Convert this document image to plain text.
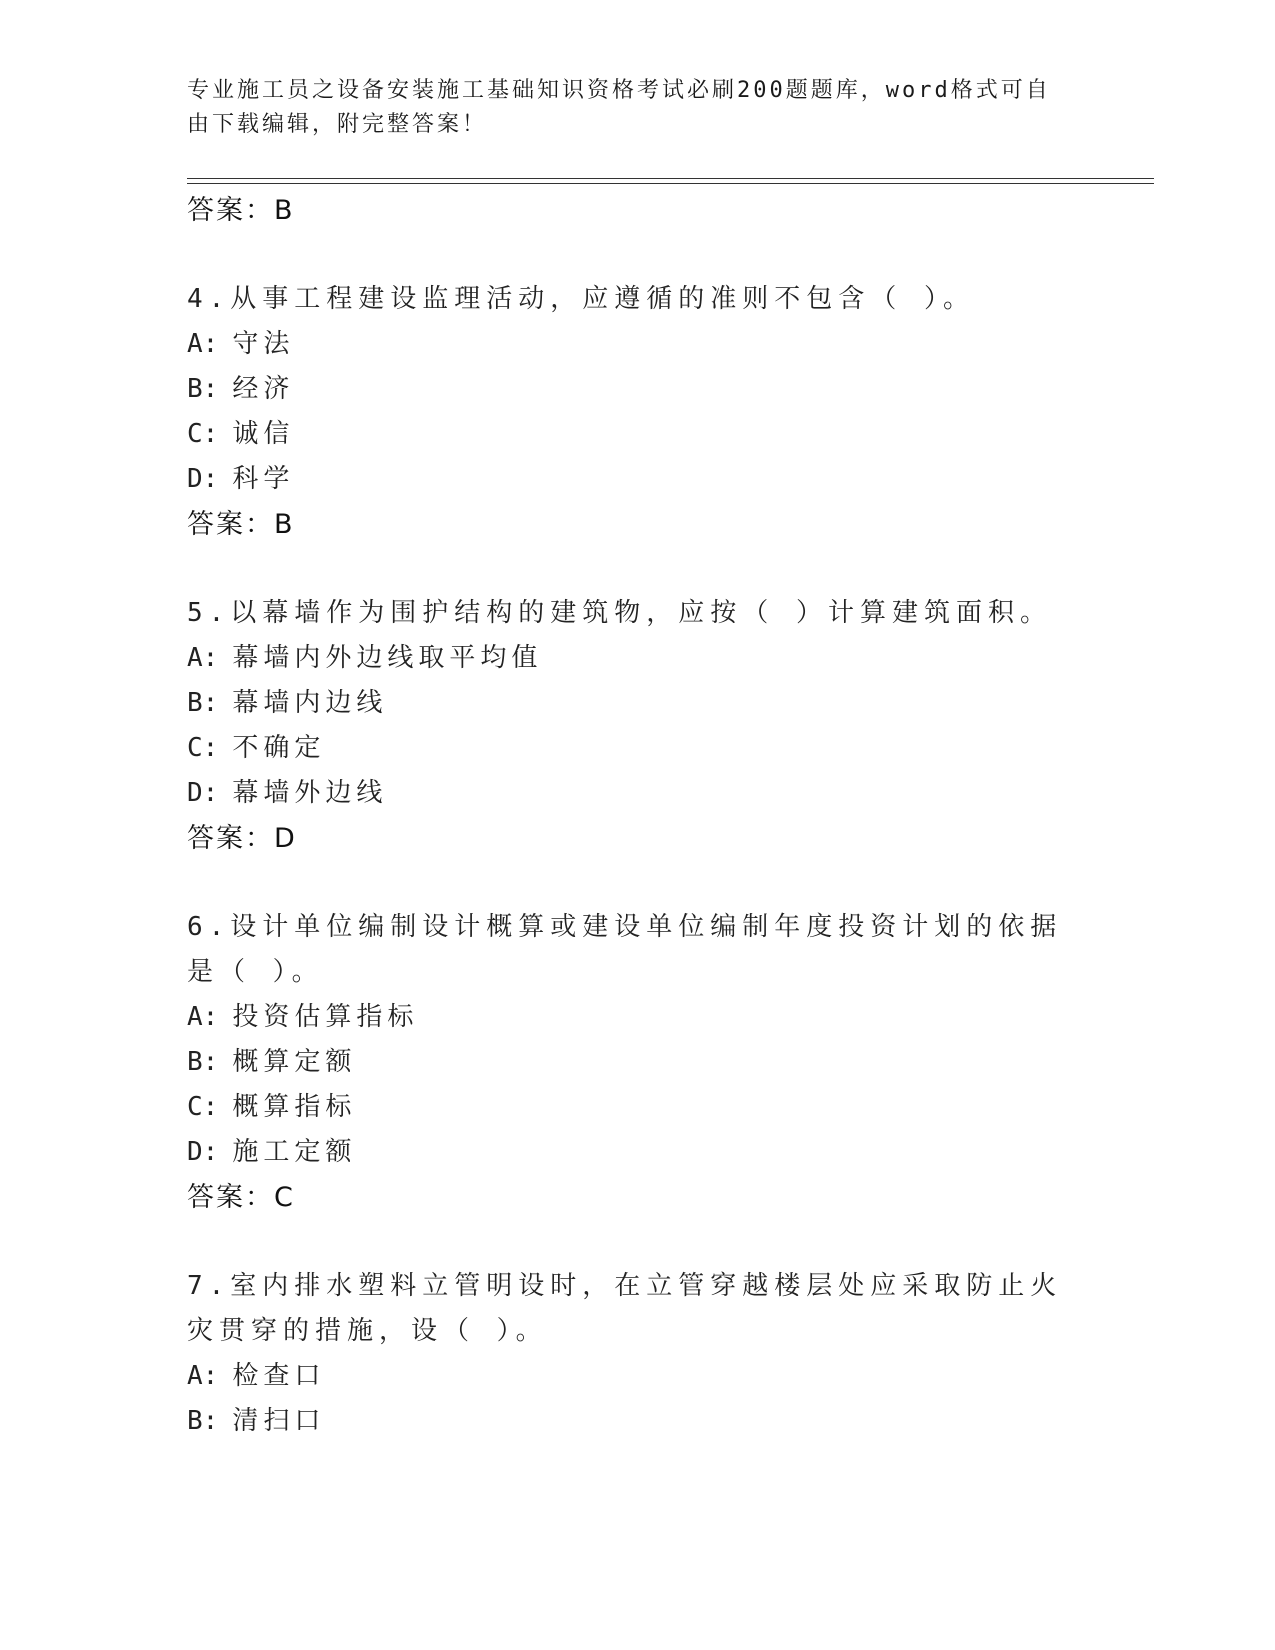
专业施工员之设备安装施工基础知识资格考试必刷200题题库，word格式可自由下载编辑，附完整答案！
答案：B
4.从事工程建设监理活动，应遵循的准则不包含（ ）。
A: 守法
B: 经济
C: 诚信
D: 科学
答案：B
5.以幕墙作为围护结构的建筑物，应按（ ）计算建筑面积。
A: 幕墙内外边线取平均值
B: 幕墙内边线
C: 不确定
D: 幕墙外边线
答案：D
6.设计单位编制设计概算或建设单位编制年度投资计划的依据是（ ）。
A: 投资估算指标
B: 概算定额
C: 概算指标
D: 施工定额
答案：C
7.室内排水塑料立管明设时，在立管穿越楼层处应采取防止火灾贯穿的措施，设（ ）。
A: 检查口
B: 清扫口
